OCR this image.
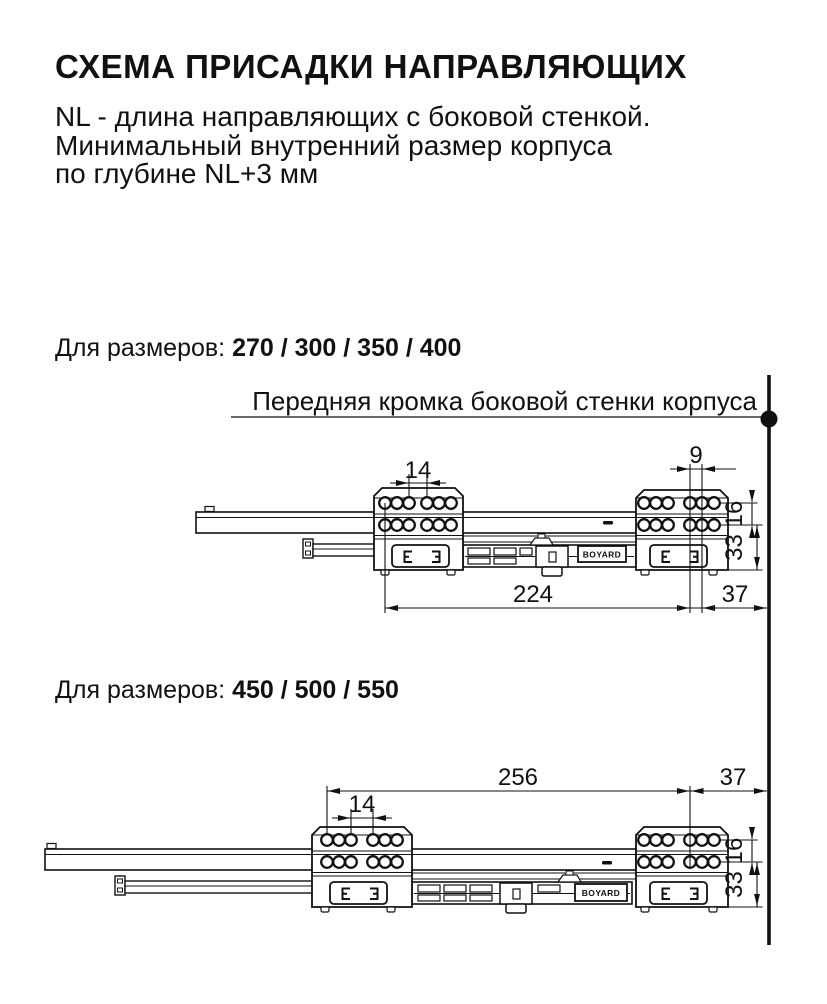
СХЕМА ПРИСАДКИ НАПРАВЛЯЮЩИХ
NL - длина направляющих с боковой стенкой.
Минимальный внутренний размер корпуса
по глубине NL+3 мм
Для размеров: 270 / 300 / 350 / 400
Для размеров: 450 / 500 / 550
Передняя кромка боковой стенки корпуса
BOYARD
14
9
224	37
16
33
BOYARD
256	37
14
16
33
